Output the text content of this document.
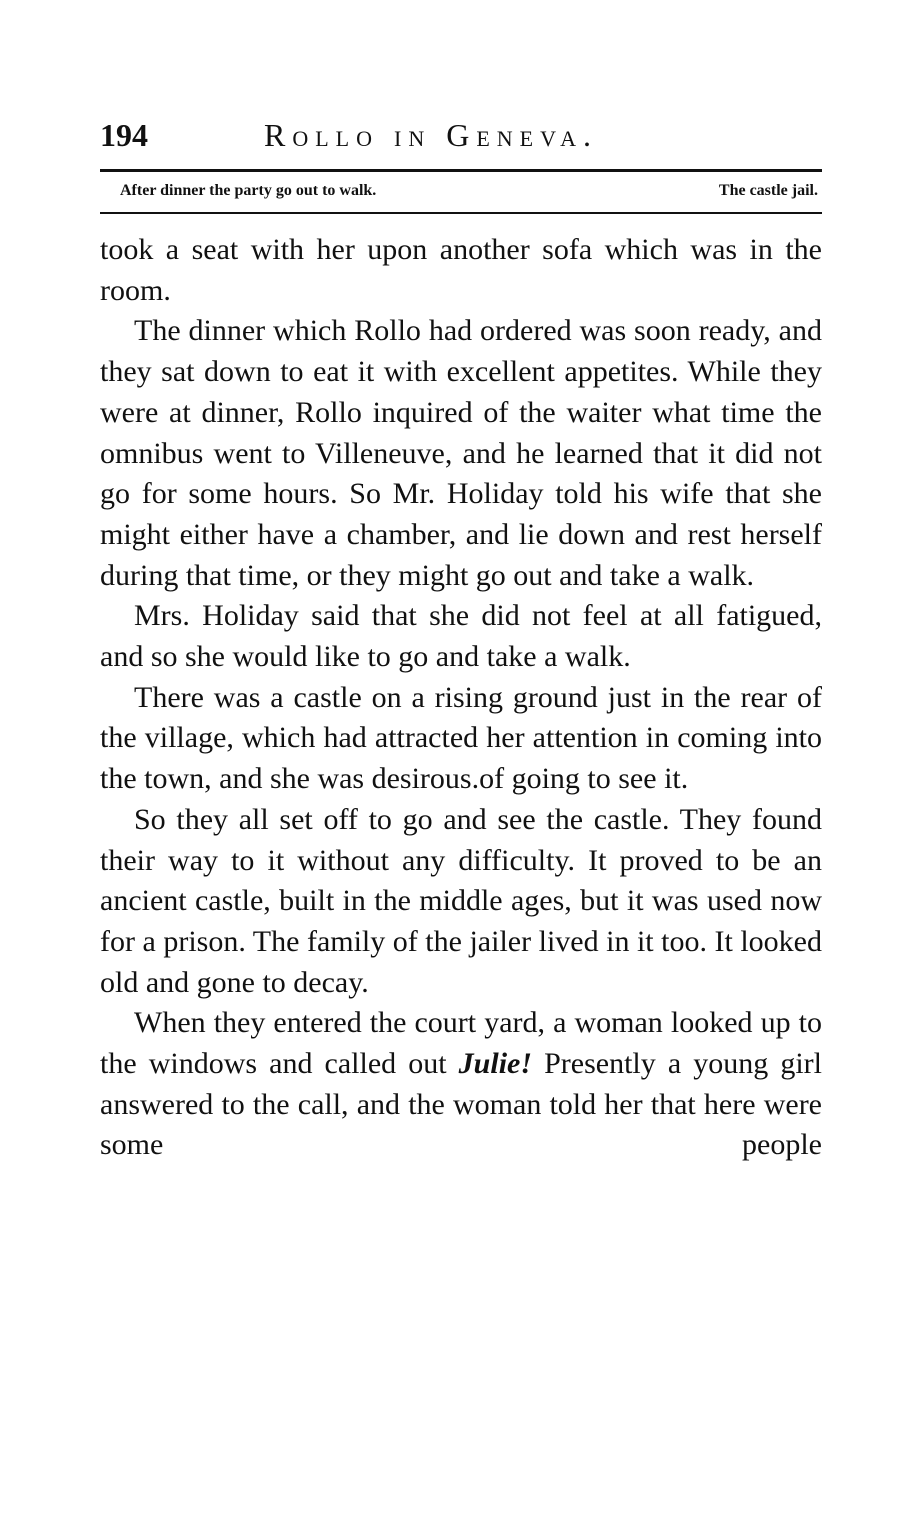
194	Rollo in Geneva.
After dinner the party go out to walk.	The castle jail.

took a seat with her upon another sofa which was in the room.

The dinner which Rollo had ordered was soon ready, and they sat down to eat it with excellent appetites. While they were at dinner, Rollo inquired of the waiter what time the omnibus went to Villeneuve, and he learned that it did not go for some hours. So Mr. Holiday told his wife that she might either have a chamber, and lie down and rest herself during that time, or they might go out and take a walk.

Mrs. Holiday said that she did not feel at all fatigued, and so she would like to go and take a walk.

There was a castle on a rising ground just in the rear of the village, which had attracted her attention in coming into the town, and she was desirous.of going to see it.

So they all set off to go and see the castle. They found their way to it without any difficulty. It proved to be an ancient castle, built in the middle ages, but it was used now for a prison. The family of the jailer lived in it too. It looked old and gone to decay.

When they entered the court yard, a woman looked up to the windows and called out Julie! Presently a young girl answered to the call, and the woman told her that here were some people
